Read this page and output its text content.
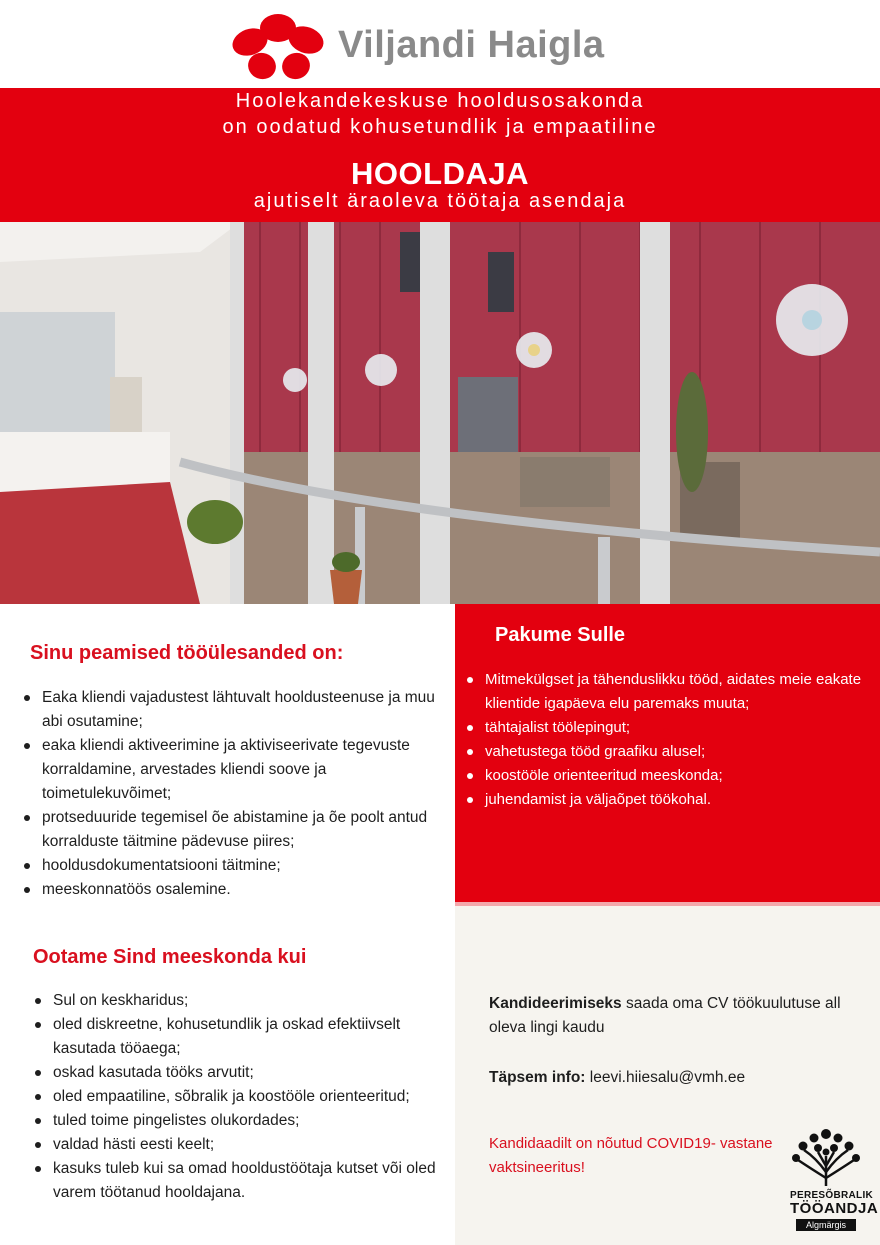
Viljandi Haigla
Hoolekandekeskuse hooldusosakonda
on oodatud kohusetundlik ja empaatiline
HOOLDAJA
ajutiselt äraoleva töötaja asendaja
Sinu peamised tööülesanded on:
Eaka kliendi vajadustest lähtuvalt hooldusteenuse ja muu abi osutamine;
eaka kliendi aktiveerimine ja aktiviseerivate tegevuste korraldamine, arvestades kliendi soove ja toimetulekuvõimet;
protseduuride tegemisel õe abistamine ja õe poolt antud korralduste täitmine pädevuse piires;
hooldusdokumentatsiooni täitmine;
meeskonnatöös osalemine.
Ootame Sind meeskonda kui
Sul on keskharidus;
oled diskreetne, kohusetundlik ja oskad efektiivselt kasutada tööaega;
oskad kasutada tööks arvutit;
oled empaatiline, sõbralik ja koostööle orienteeritud;
tuled toime pingelistes olukordades;
valdad hästi eesti keelt;
kasuks tuleb kui sa omad hooldustöötaja kutset või oled varem töötanud hooldajana.
Pakume Sulle
Mitmekülgset ja tähenduslikku tööd, aidates meie eakate klientide igapäeva elu paremaks muuta;
tähtajalist töölepingut;
vahetustega tööd graafiku alusel;
koostööle orienteeritud meeskonda;
juhendamist ja väljaõpet töökohal.
Kandideerimiseks saada oma CV töökuulutuse all oleva lingi kaudu
Täpsem info: leevi.hiiesalu@vmh.ee
Kandidaadilt on nõutud COVID19- vastane vaktsineeritus!
PERESÕBRALIK
TÖÖANDJA
Algmärgis
